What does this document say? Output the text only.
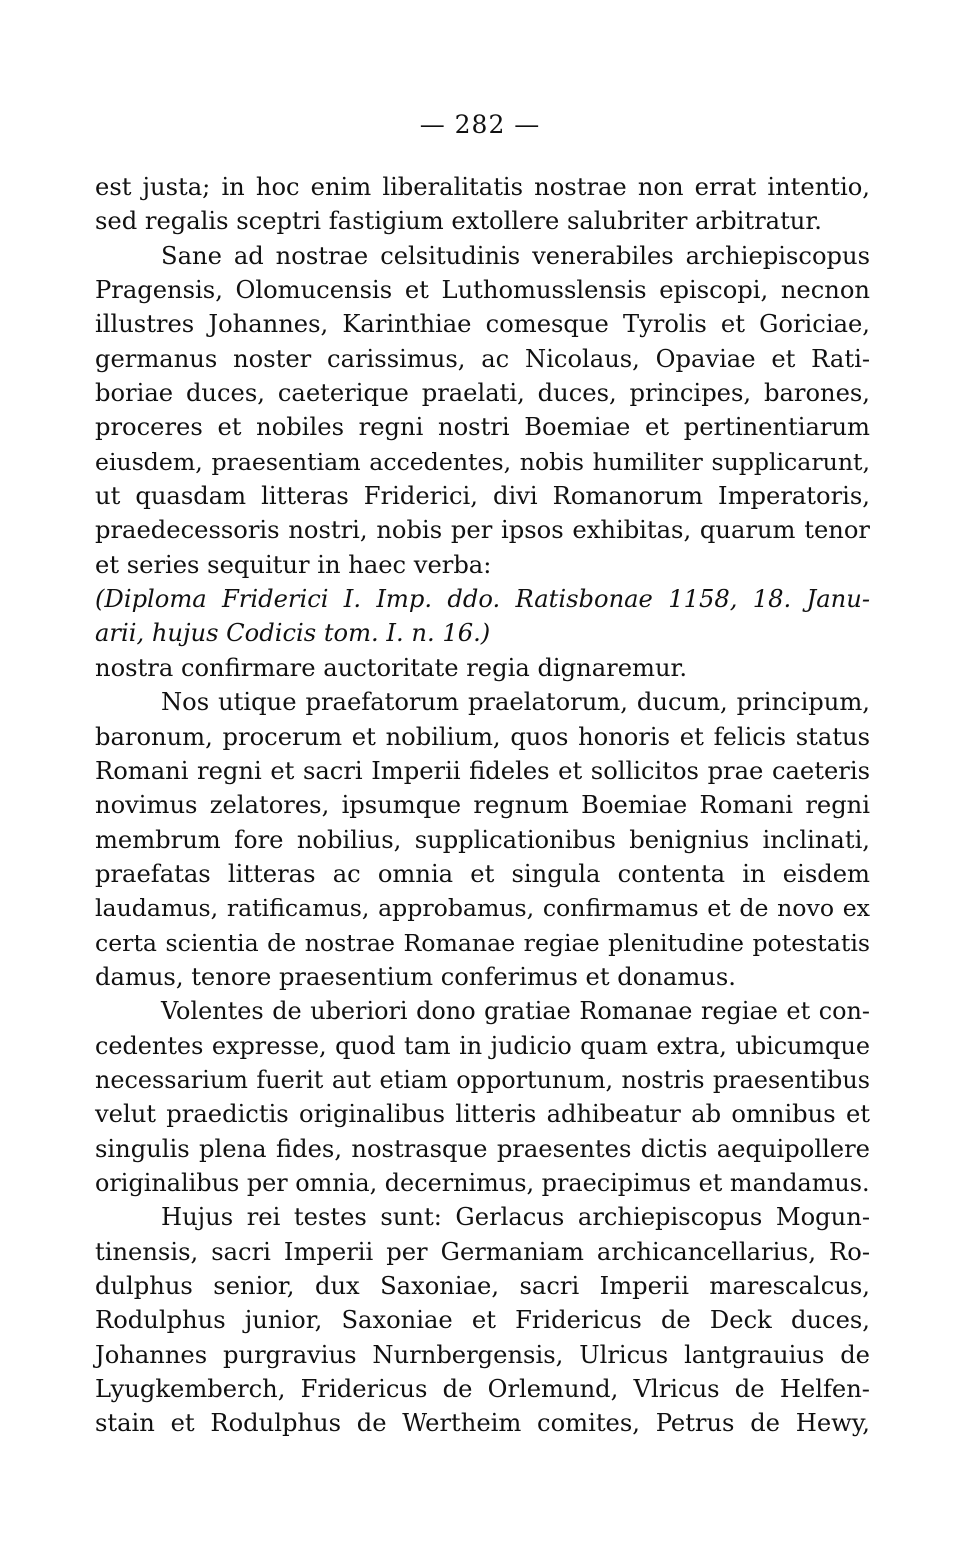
— 282 —
est justa; in hoc enim liberalitatis nostrae non errat intentio,
sed regalis sceptri fastigium extollere salubriter arbitratur.
Sane ad nostrae celsitudinis venerabiles archiepiscopus
Pragensis, Olomucensis et Luthomusslensis episcopi, necnon
illustres Johannes, Karinthiae comesque Tyrolis et Goriciae,
germanus noster carissimus, ac Nicolaus, Opaviae et Rati-
boriae duces, caeterique praelati, duces, principes, barones,
proceres et nobiles regni nostri Boemiae et pertinentiarum
eiusdem, praesentiam accedentes, nobis humiliter supplicarunt,
ut quasdam litteras Friderici, divi Romanorum Imperatoris,
praedecessoris nostri, nobis per ipsos exhibitas, quarum tenor
et series sequitur in haec verba:
(Diploma Friderici I. Imp. ddo. Ratisbonae 1158, 18. Janu-
arii, hujus Codicis tom. I. n. 16.)
nostra confirmare auctoritate regia dignaremur.
Nos utique praefatorum praelatorum, ducum, principum,
baronum, procerum et nobilium, quos honoris et felicis status
Romani regni et sacri Imperii fideles et sollicitos prae caeteris
novimus zelatores, ipsumque regnum Boemiae Romani regni
membrum fore nobilius, supplicationibus benignius inclinati,
praefatas litteras ac omnia et singula contenta in eisdem
laudamus, ratificamus, approbamus, confirmamus et de novo ex
certa scientia de nostrae Romanae regiae plenitudine potestatis
damus, tenore praesentium conferimus et donamus.
Volentes de uberiori dono gratiae Romanae regiae et con-
cedentes expresse, quod tam in judicio quam extra, ubicumque
necessarium fuerit aut etiam opportunum, nostris praesentibus
velut praedictis originalibus litteris adhibeatur ab omnibus et
singulis plena fides, nostrasque praesentes dictis aequipollere
originalibus per omnia, decernimus, praecipimus et mandamus.
Hujus rei testes sunt: Gerlacus archiepiscopus Mogun-
tinensis, sacri Imperii per Germaniam archicancellarius, Ro-
dulphus senior, dux Saxoniae, sacri Imperii marescalcus,
Rodulphus junior, Saxoniae et Fridericus de Deck duces,
Johannes purgravius Nurnbergensis, Ulricus lantgrauius de
Lyugkemberch, Fridericus de Orlemund, Vlricus de Helfen-
stain et Rodulphus de Wertheim comites, Petrus de Hewy,
